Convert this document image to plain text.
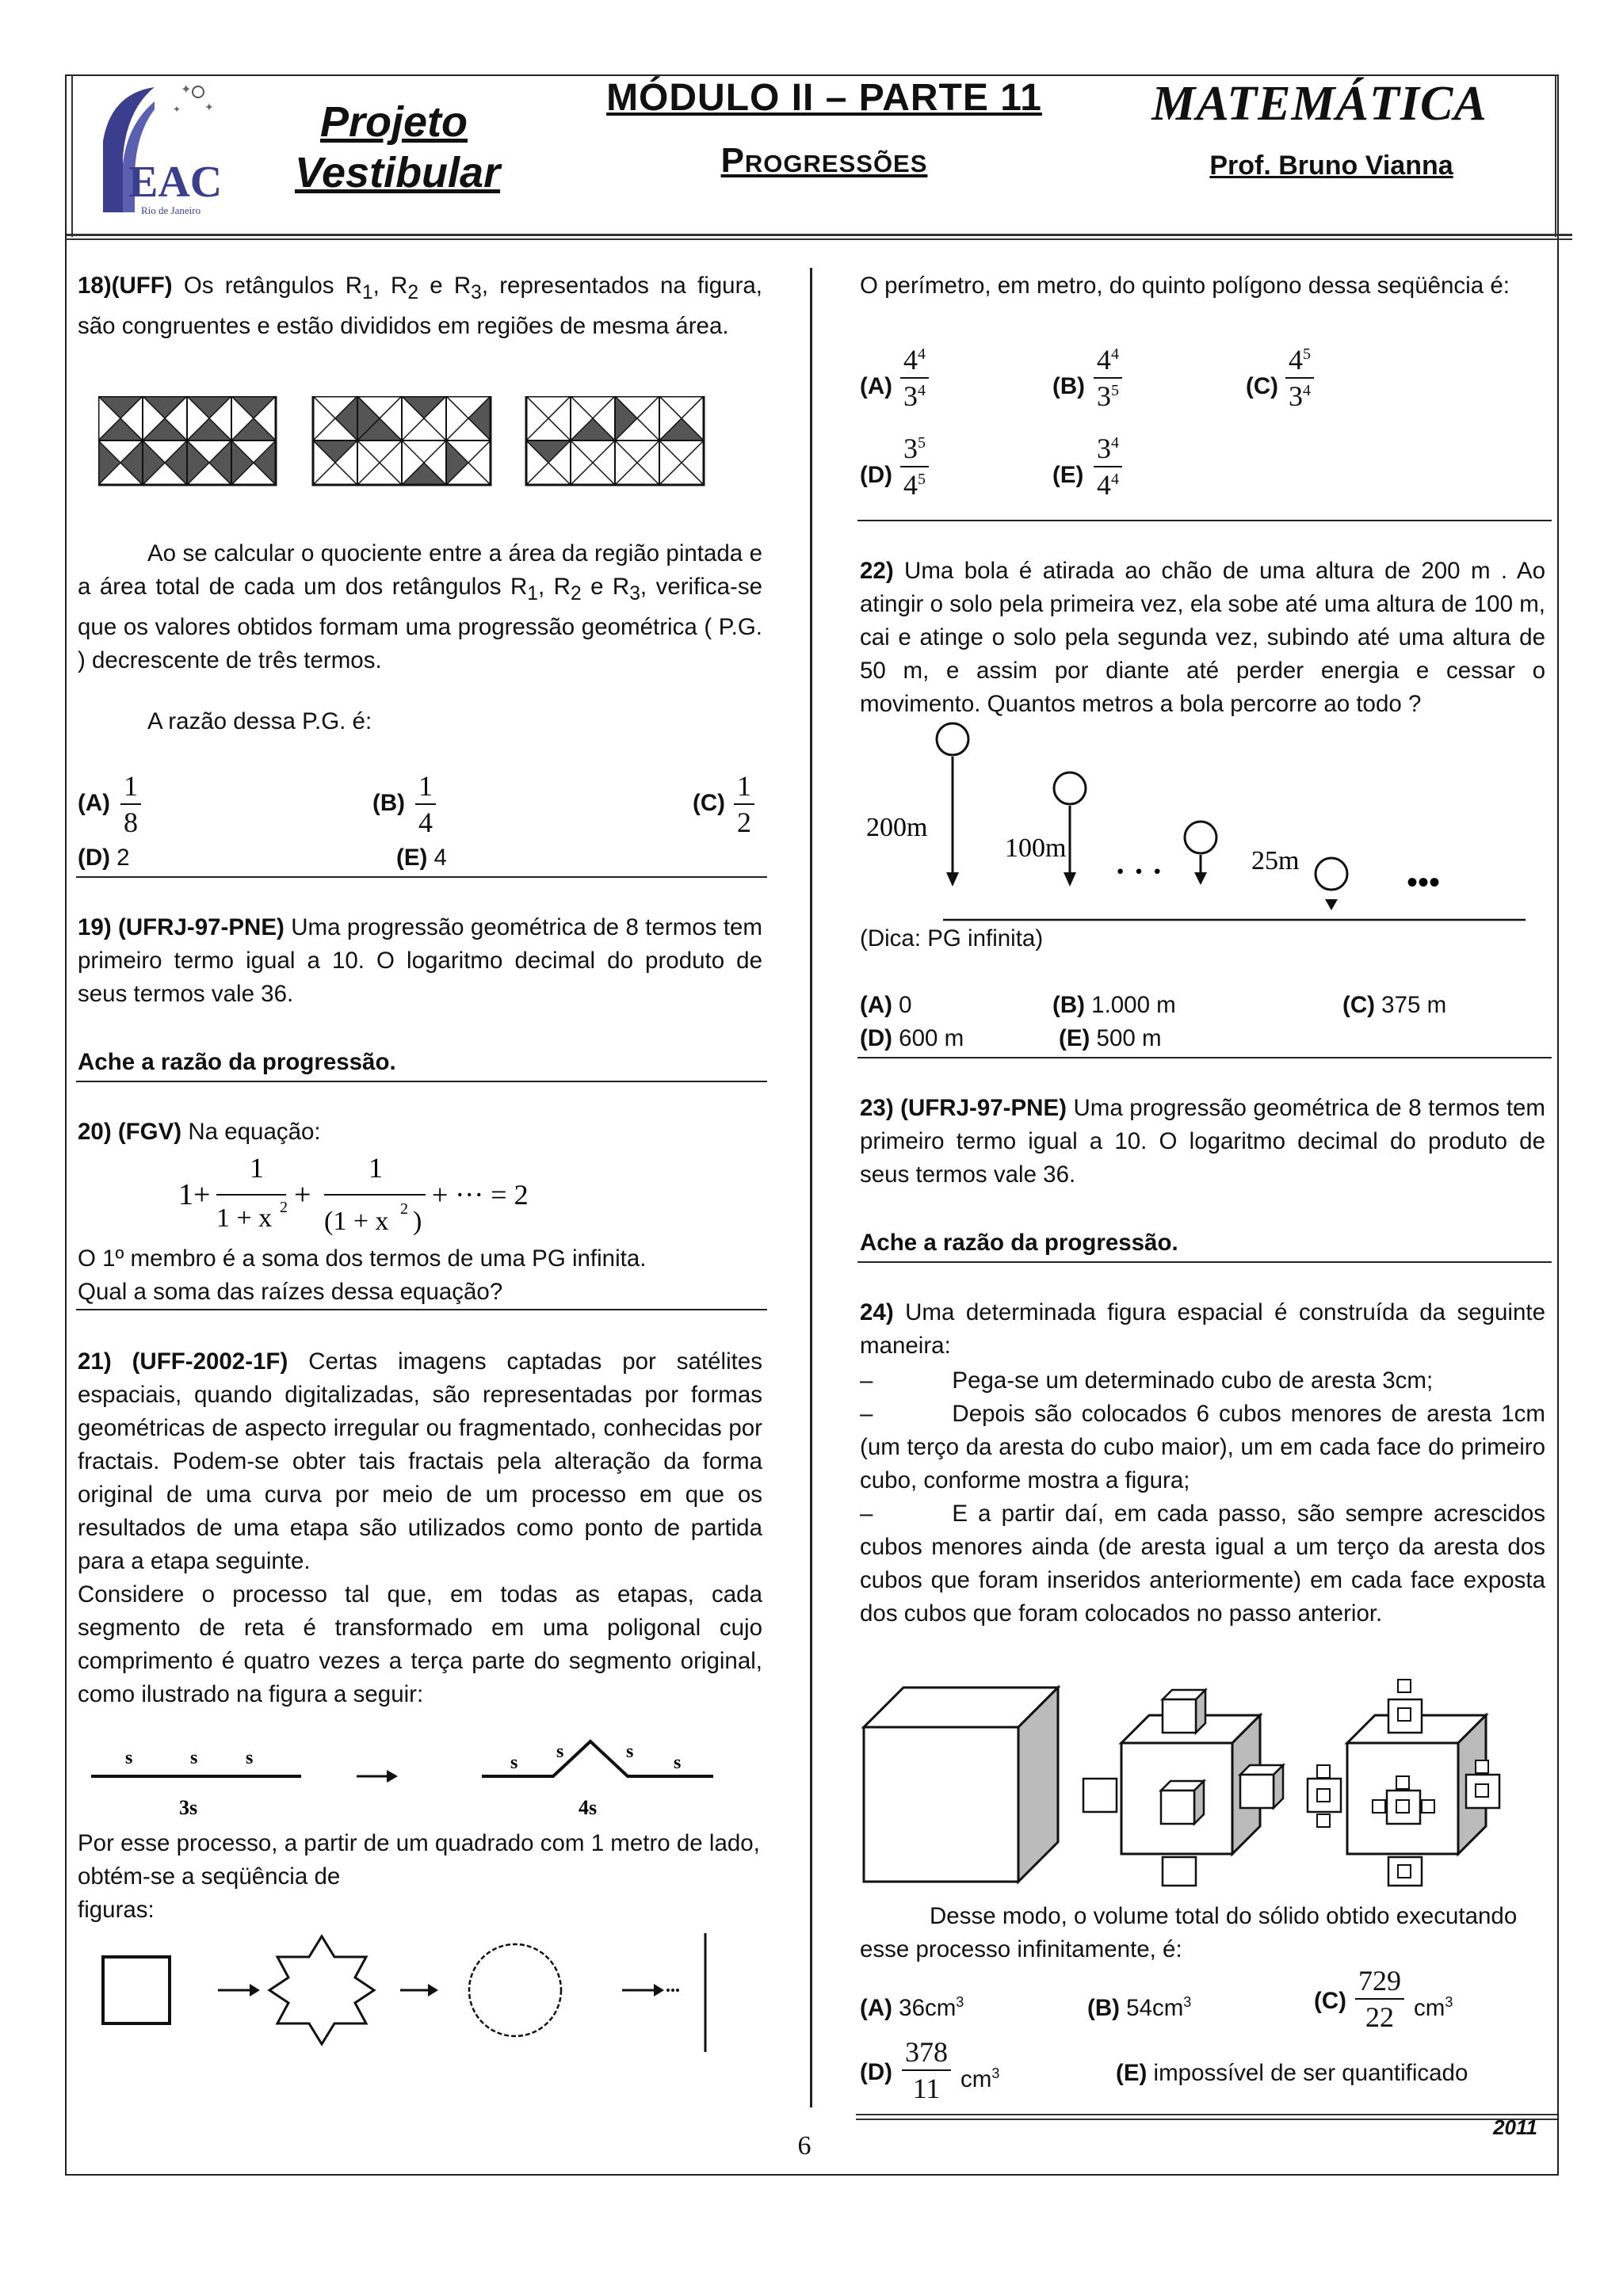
✦
✦
✦
EAC
Rio de Janeiro
Projeto
Vestibular
MÓDULO II – PARTE 11
Progressões
MATEMÁTICA
Prof. Bruno Vianna
18)(UFF) Os retângulos $R_1$, $R_2$ e $R_3$, representados na figura, são congruentes e estão divididos em regiões de mesma área.
Ao se calcular o quociente entre a área da região pintada e a área total de cada um dos retângulos $R_1$, $R_2$ e $R_3$, verifica-se que os valores obtidos formam uma progressão geométrica ( P.G. ) decrescente de três termos.
A razão dessa P.G. é:
$(A) \frac{1}{8}$	$(B) \frac{1}{4}$	$(C) \frac{1}{2}$
(D) 2	(E) 4
19) (UFRJ-97-PNE) Uma progressão geométrica de 8 termos tem primeiro termo igual a 10. O logaritmo decimal do produto de seus termos vale 36.
Ache a razão da progressão.
20) (FGV) Na equação:
1+
1
1 + x 2 +
1
(1 + x 2 )
+ ··· = 2
O 1º membro é a soma dos termos de uma PG infinita.
Qual a soma das raízes dessa equação?
21) (UFF-2002-1F) Certas imagens captadas por satélites espaciais, quando digitalizadas, são representadas por formas geométricas de aspecto irregular ou fragmentado, conhecidas por fractais. Podem-se obter tais fractais pela alteração da forma original de uma curva por meio de um processo em que os resultados de uma etapa são utilizados como ponto de partida para a etapa seguinte.
Considere o processo tal que, em todas as etapas, cada segmento de reta é transformado em uma poligonal cujo comprimento é quatro vezes a terça parte do segmento original, como ilustrado na figura a seguir:
s	s	s
3s
s
s	s
s
4s
Por esse processo, a partir de um quadrado com 1 metro de lado, obtém-se a seqüência de
figuras:
O perímetro, em metro, do quinto polígono dessa seqüência é:
$(A) \frac{4^4}{3^4}$	$(B) \frac{4^4}{3^5}$	$(C) \frac{4^5}{3^4}$
$(D) \frac{3^5}{4^5}$	$(E) \frac{3^4}{4^4}$
22) Uma bola é atirada ao chão de uma altura de 200 m . Ao atingir o solo pela primeira vez, ela sobe até uma altura de 100 m, cai e atinge o solo pela segunda vez, subindo até uma altura de 50 m, e assim por diante até perder energia e cessar o movimento. Quantos metros a bola percorre ao todo ?
200m
100m
· · ·	25m
•••
(Dica: PG infinita)
(A) 0	(B) 1.000 m	(C) 375 m
(D) 600 m	(E) 500 m
23) (UFRJ-97-PNE) Uma progressão geométrica de 8 termos tem primeiro termo igual a 10. O logaritmo decimal do produto de seus termos vale 36.
Ache a razão da progressão.
24) Uma determinada figura espacial é construída da seguinte maneira:
–	Pega-se um determinado cubo de aresta 3cm;
–	Depois são colocados 6 cubos menores de aresta 1cm (um terço da aresta do cubo maior), um em cada face do primeiro cubo, conforme mostra a figura;
–	E a partir daí, em cada passo, são sempre acrescidos cubos menores ainda (de aresta igual a um terço da aresta dos cubos que foram inseridos anteriormente) em cada face exposta dos cubos que foram colocados no passo anterior.
Desse modo, o volume total do sólido obtido executando esse processo infinitamente, é:
(A) $36cm^3$	(B) $54cm^3$	$(C) \frac{729}{22} cm^3$
$(D) \frac{378}{11} cm^3$	(E) impossível de ser quantificado
2011
6
